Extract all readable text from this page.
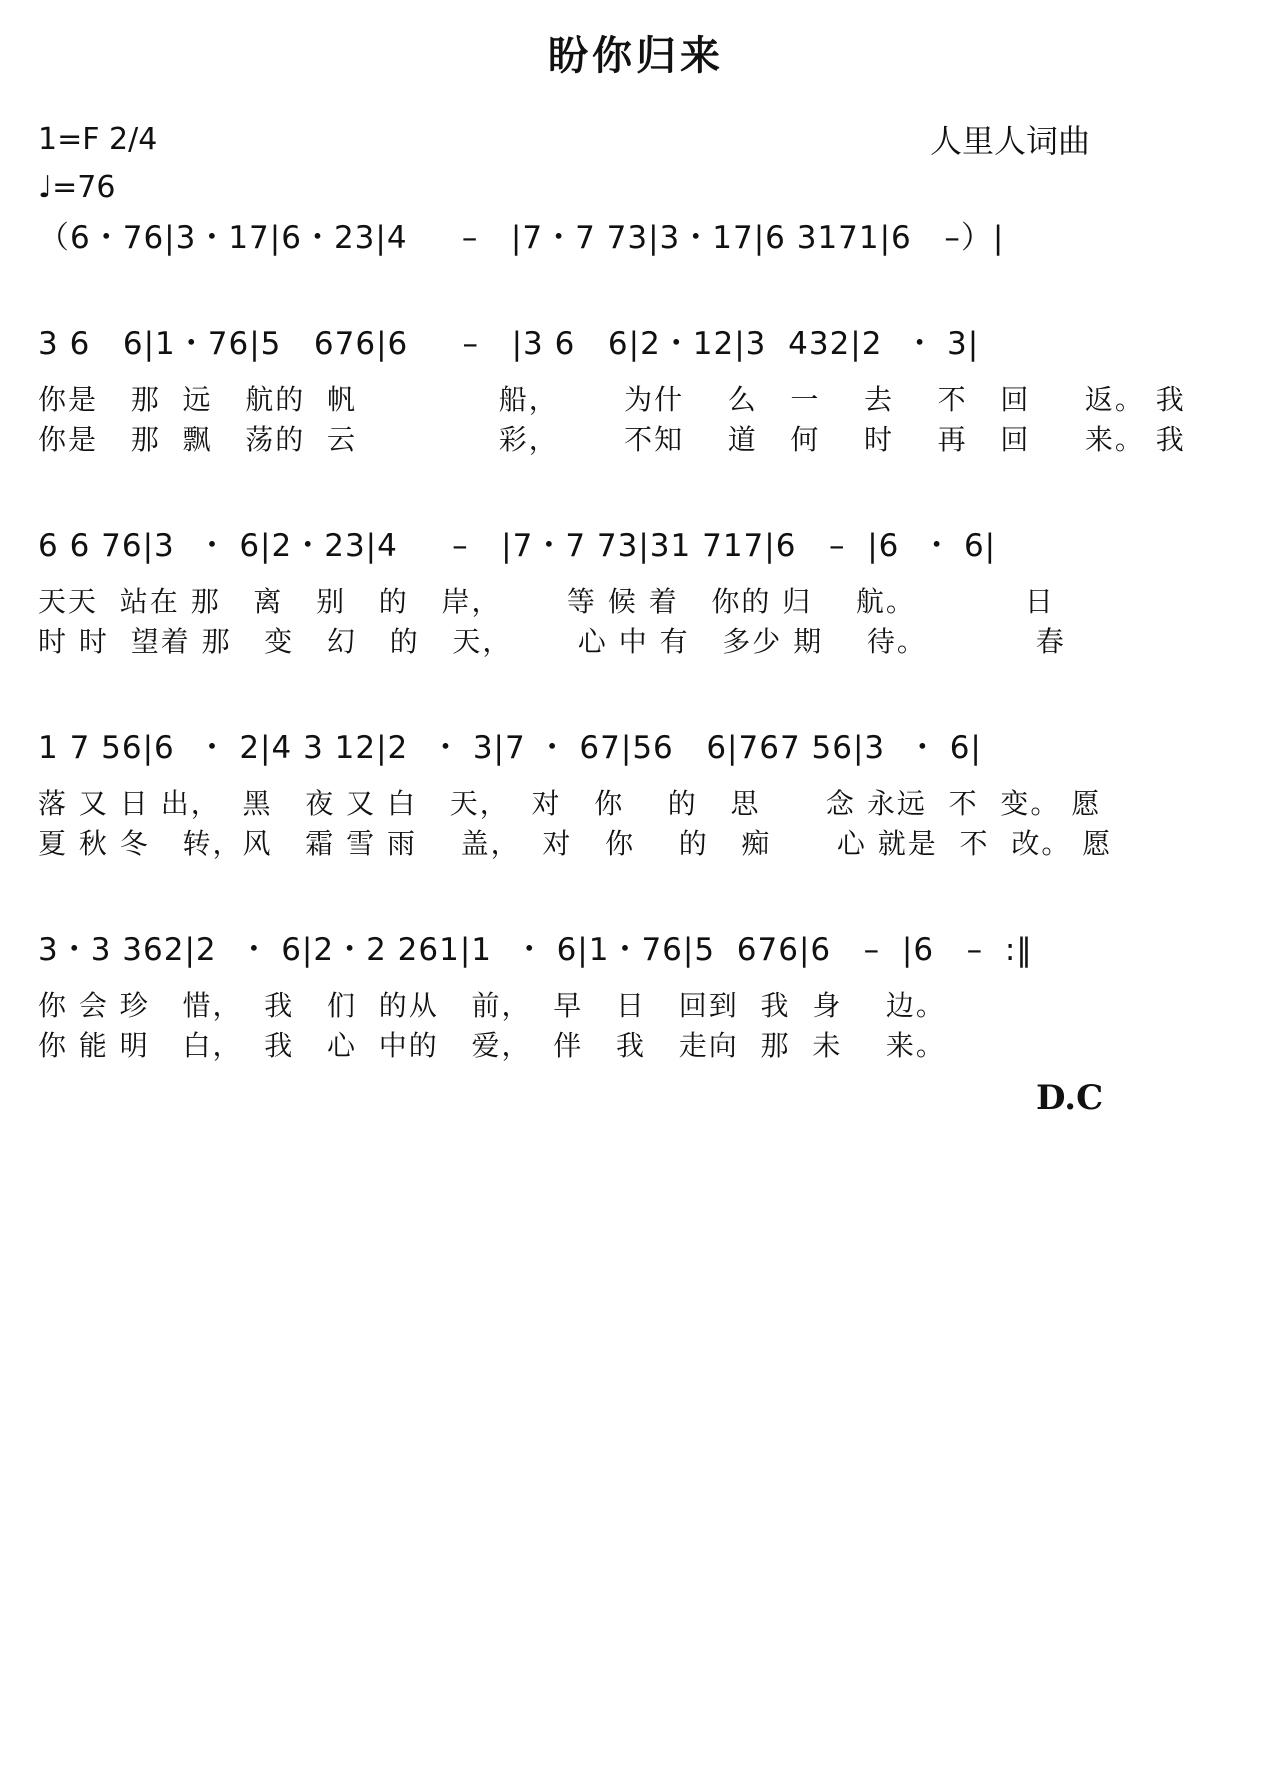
盼你归来
1=F 2/4
♩=76
人里人词曲
（6・76|3・17|6・23|4     –   |7・7 73|3・17|6 3171|6   –）|
3 6   6|1・76|5   676|6     –   |3 6   6|2・12|3  432|2  ・ 3|
你是   那  远   航的  帆             船，      为什    么   一    去    不   回     返。 我
你是   那  飘   荡的  云             彩，      不知    道   何    时    再   回     来。 我
6 6 76|3  ・ 6|2・23|4     –   |7・7 73|31 717|6   –  |6  ・ 6|
天天  站在 那   离   别   的   岸，      等 候 着   你的 归    航。          日
时 时  望着 那   变   幻   的   天，      心 中 有   多少 期    待。          春
1 7 56|6  ・ 2|4 3 12|2  ・ 3|7 ・ 67|56   6|767 56|3  ・ 6|
落 又 日 出，  黑   夜 又 白   天，  对   你    的   思      念 永远  不  变。 愿
夏 秋 冬   转，风   霜 雪 雨    盖，  对   你    的   痴      心 就是  不  改。 愿
3・3 362|2  ・ 6|2・2 261|1  ・ 6|1・76|5  676|6   –  |6   –  :‖
你 会 珍   惜，  我   们  的从   前，  早   日   回到  我  身    边。
你 能 明   白，  我   心  中的   爱，  伴   我   走向  那  未    来。
D.C
